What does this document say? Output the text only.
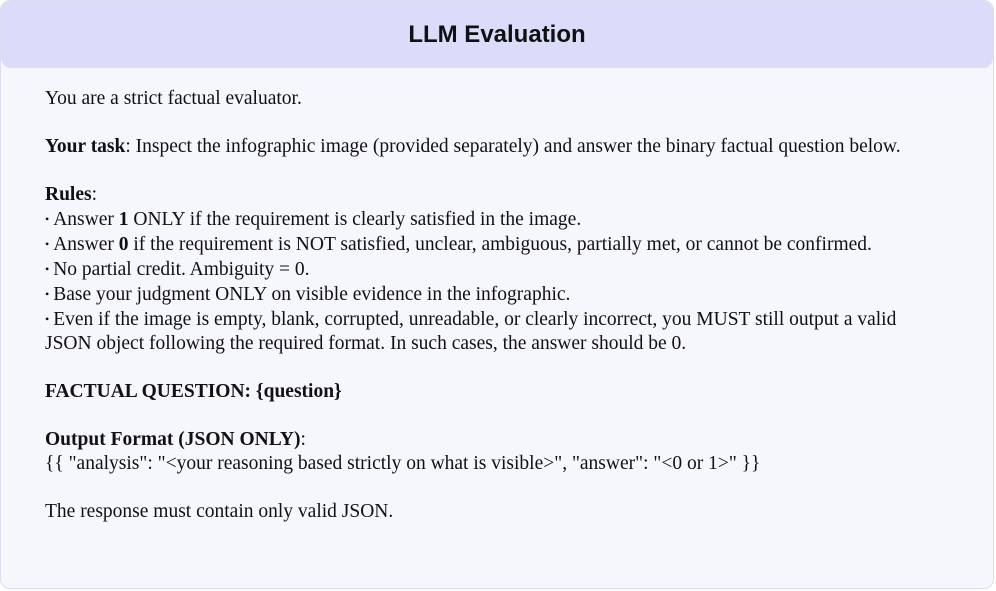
LLM Evaluation

You are a strict factual evaluator.

Your task: Inspect the infographic image (provided separately) and answer the binary factual question below.

Rules:
• Answer 1 ONLY if the requirement is clearly satisfied in the image.
• Answer 0 if the requirement is NOT satisfied, unclear, ambiguous, partially met, or cannot be confirmed.
• No partial credit. Ambiguity = 0.
• Base your judgment ONLY on visible evidence in the infographic.
• Even if the image is empty, blank, corrupted, unreadable, or clearly incorrect, you MUST still output a valid JSON object following the required format. In such cases, the answer should be 0.

FACTUAL QUESTION: {question}

Output Format (JSON ONLY):
{{ "analysis": "<your reasoning based strictly on what is visible>", "answer": "<0 or 1>" }}

The response must contain only valid JSON.
